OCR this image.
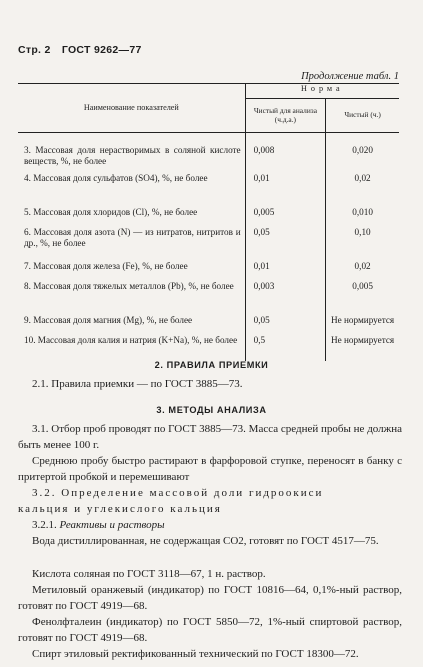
Стр. 2 ГОСТ 9262—77
Продолжение табл. 1
Наименование показателей	Норма	
	Чистый для анализа (ч.д.а.)	Чистый (ч.)
3. Массовая доля нерастворимых в соляной кислоте веществ, %, не более	0,008	0,020
4. Массовая доля сульфатов (SO4), %, не более	0,01	0,02
5. Массовая доля хлоридов (Cl), %, не более	0,005	0,010
6. Массовая доля азота (N) — из нитратов, нитритов и др., %, не более	0,05	0,10
7. Массовая доля железа (Fe), %, не более	0,01	0,02
8. Массовая доля тяжелых металлов (Pb), %, не более	0,003	0,005
9. Массовая доля магния (Mg), %, не более	0,05	Не нормируется
10. Массовая доля калия и натрия (K+Na), %, не более	0,5	Не нормируется
2. ПРАВИЛА ПРИЕМКИ
2.1. Правила приемки — по ГОСТ 3885—73.
3. МЕТОДЫ АНАЛИЗА
3.1. Отбор проб проводят по ГОСТ 3885—73. Масса средней пробы не должна быть менее 100 г.
Среднюю пробу быстро растирают в фарфоровой ступке, переносят в банку с притертой пробкой и перемешивают
3.2. Определение массовой доли гидроокиси
кальция и углекислого кальция
3.2.1. Реактивы и растворы
Вода дистиллированная, не содержащая CO2, готовят по ГОСТ 4517—75.
Кислота соляная по ГОСТ 3118—67, 1 н. раствор.
Метиловый оранжевый (индикатор) по ГОСТ 10816—64, 0,1%-ный раствор, готовят по ГОСТ 4919—68.
Фенолфталеин (индикатор) по ГОСТ 5850—72, 1%-ный спиртовой раствор, готовят по ГОСТ 4919—68.
Спирт этиловый ректификованный технический по ГОСТ 18300—72.
